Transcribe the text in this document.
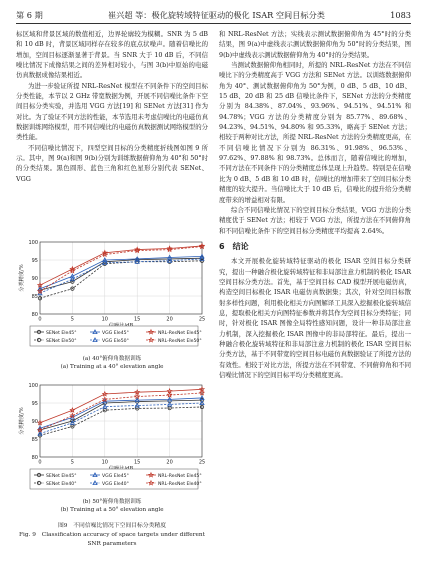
第 6 期	崔兴超 等：极化旋转域特征驱动的极化 ISAR 空间目标分类	1083

标区域和背景区域的数值相近，边界轮廓较为模糊。SNR 为 5 dB 和 10 dB 时，背景区域同样存在较多的底点状噪声。随着信噪比的增加，空间目标逐渐显著于背景。当 SNR 大于 10 dB 后，不同信噪比情况下成像结果之间的差异相对较小，与图 3(b)中原始的电磁仿真数据成像结果相近。

为进一步验证所提 NRL-ResNet 模型在不同条件下的空间目标分类性能，本节以 2 GHz 带宽数据为例，开展不同信噪比条件下空间目标分类实验，并选用 VGG 方法[19] 和 SENet 方法[31] 作为对比。为了验证不同方法的性能，本节选用未考虑信噪比的电磁仿真数据训练网络模型，用不同信噪比的电磁仿真数据测试网络模型的分类性能。

不同信噪比情况下，四型空间目标的分类精度折线图如图 9 所示。其中，图 9(a)和图 9(b)分别为训练数据俯仰角为 40°和 50°时的分类结果。黑色圆形、蓝色三角和红色星形分别代表 SENet、VGG

80
85
90
95
100
0	5	10	15	20	25
分类精度/%
SENet Ele45°	VGG Ele45°	NRL-ResNet Ele45°
SENet Ele50°	VGG Ele50°	NRL-ResNet Ele50°
(a) 40°俯仰角数据训练
(a) Training at a 40° elevation angle
80
85
90
95
100
0	5	10	15	20	25
分类精度/%
SENet Ele45°	VGG Ele45°	NRL-ResNet Ele45°
SENet Ele40°	VGG Ele40°	NRL-ResNet Ele40°
(b) 50°俯仰角数据训练
(b) Training at a 50° elevation angle
图9　不同信噪比情况下空间目标分类精度
Fig. 9　Classification accuracy of space targets under different SNR parameters

和 NRL-ResNet 方法；实线表示测试数据俯仰角为 45°时的分类结果，图 9(a)中虚线表示测试数据俯仰角为 50°时的分类结果，图 9(b)中虚线表示测试数据俯仰角为 40°时的分类结果。

当测试数据俯仰角相同时，所提的 NRL-ResNet 方法在不同信噪比下的分类精度高于 VGG 方法和 SENet 方法。以训练数据俯仰角为 40°、测试数据俯仰角为 50°为例，0 dB、5 dB、10 dB、15 dB、20 dB 和 25 dB 信噪比条件下，SENet 方法的分类精度分别为 84.38%、87.04%、93.96%、94.51%、94.51% 和 94.78%；VGG 方法的分类精度分别为 85.77%、89.68%、94.23%、94.51%、94.80% 和 95.33%，略高于 SENet 方法；相较于两种对比方法，所提 NRL-ResNet 方法的分类精度更高，在不同信噪比情况下分别为 86.31%、91.98%、96.53%、97.62%、97.88% 和 98.73%。总体而言，随着信噪比的增加，不同方法在不同条件下的分类精度总体呈现上升趋势。特别是在信噪比为 0 dB、5 dB 和 10 dB 时，信噪比的增加带来了空间目标分类精度的较大提升。当信噪比大于 10 dB 后，信噪比的提升给分类精度带来的增益相对有限。

综合不同信噪比情况下的空间目标分类结果，VGG 方法的分类精度优于 SENet 方法；相较于 VGG 方法，所提方法在不同俯仰角和不同信噪比条件下的空间目标分类精度平均提高 2.64%。

6　结论

本文开展极化旋转域特征驱动的极化 ISAR 空间目标分类研究，提出一种融合极化旋转域特征和非局部注意力机制的极化 ISAR 空间目标分类方法。首先，基于空间目标 CAD 模型开展电磁仿真，构造空间目标极化 ISAR 电磁仿真数据集；其次，针对空间目标散射多样性问题，利用极化相关方向图解译工具深入挖掘极化旋转域信息，提取极化相关方向图特征参数并将其作为空间目标分类特征；同时，针对极化 ISAR 图像全局特性感知问题，设计一种非局部注意力机制，深入挖掘极化 ISAR 图像中的非局部特征。最后，提出一种融合极化旋转域特征和非局部注意力机制的极化 ISAR 空间目标分类方法，基于不同带宽的空间目标电磁仿真数据验证了所提方法的有效性。相较于对比方法，所提方法在不同带宽、不同俯仰角和不同信噪比情况下的空间目标平均分类精度更高。
